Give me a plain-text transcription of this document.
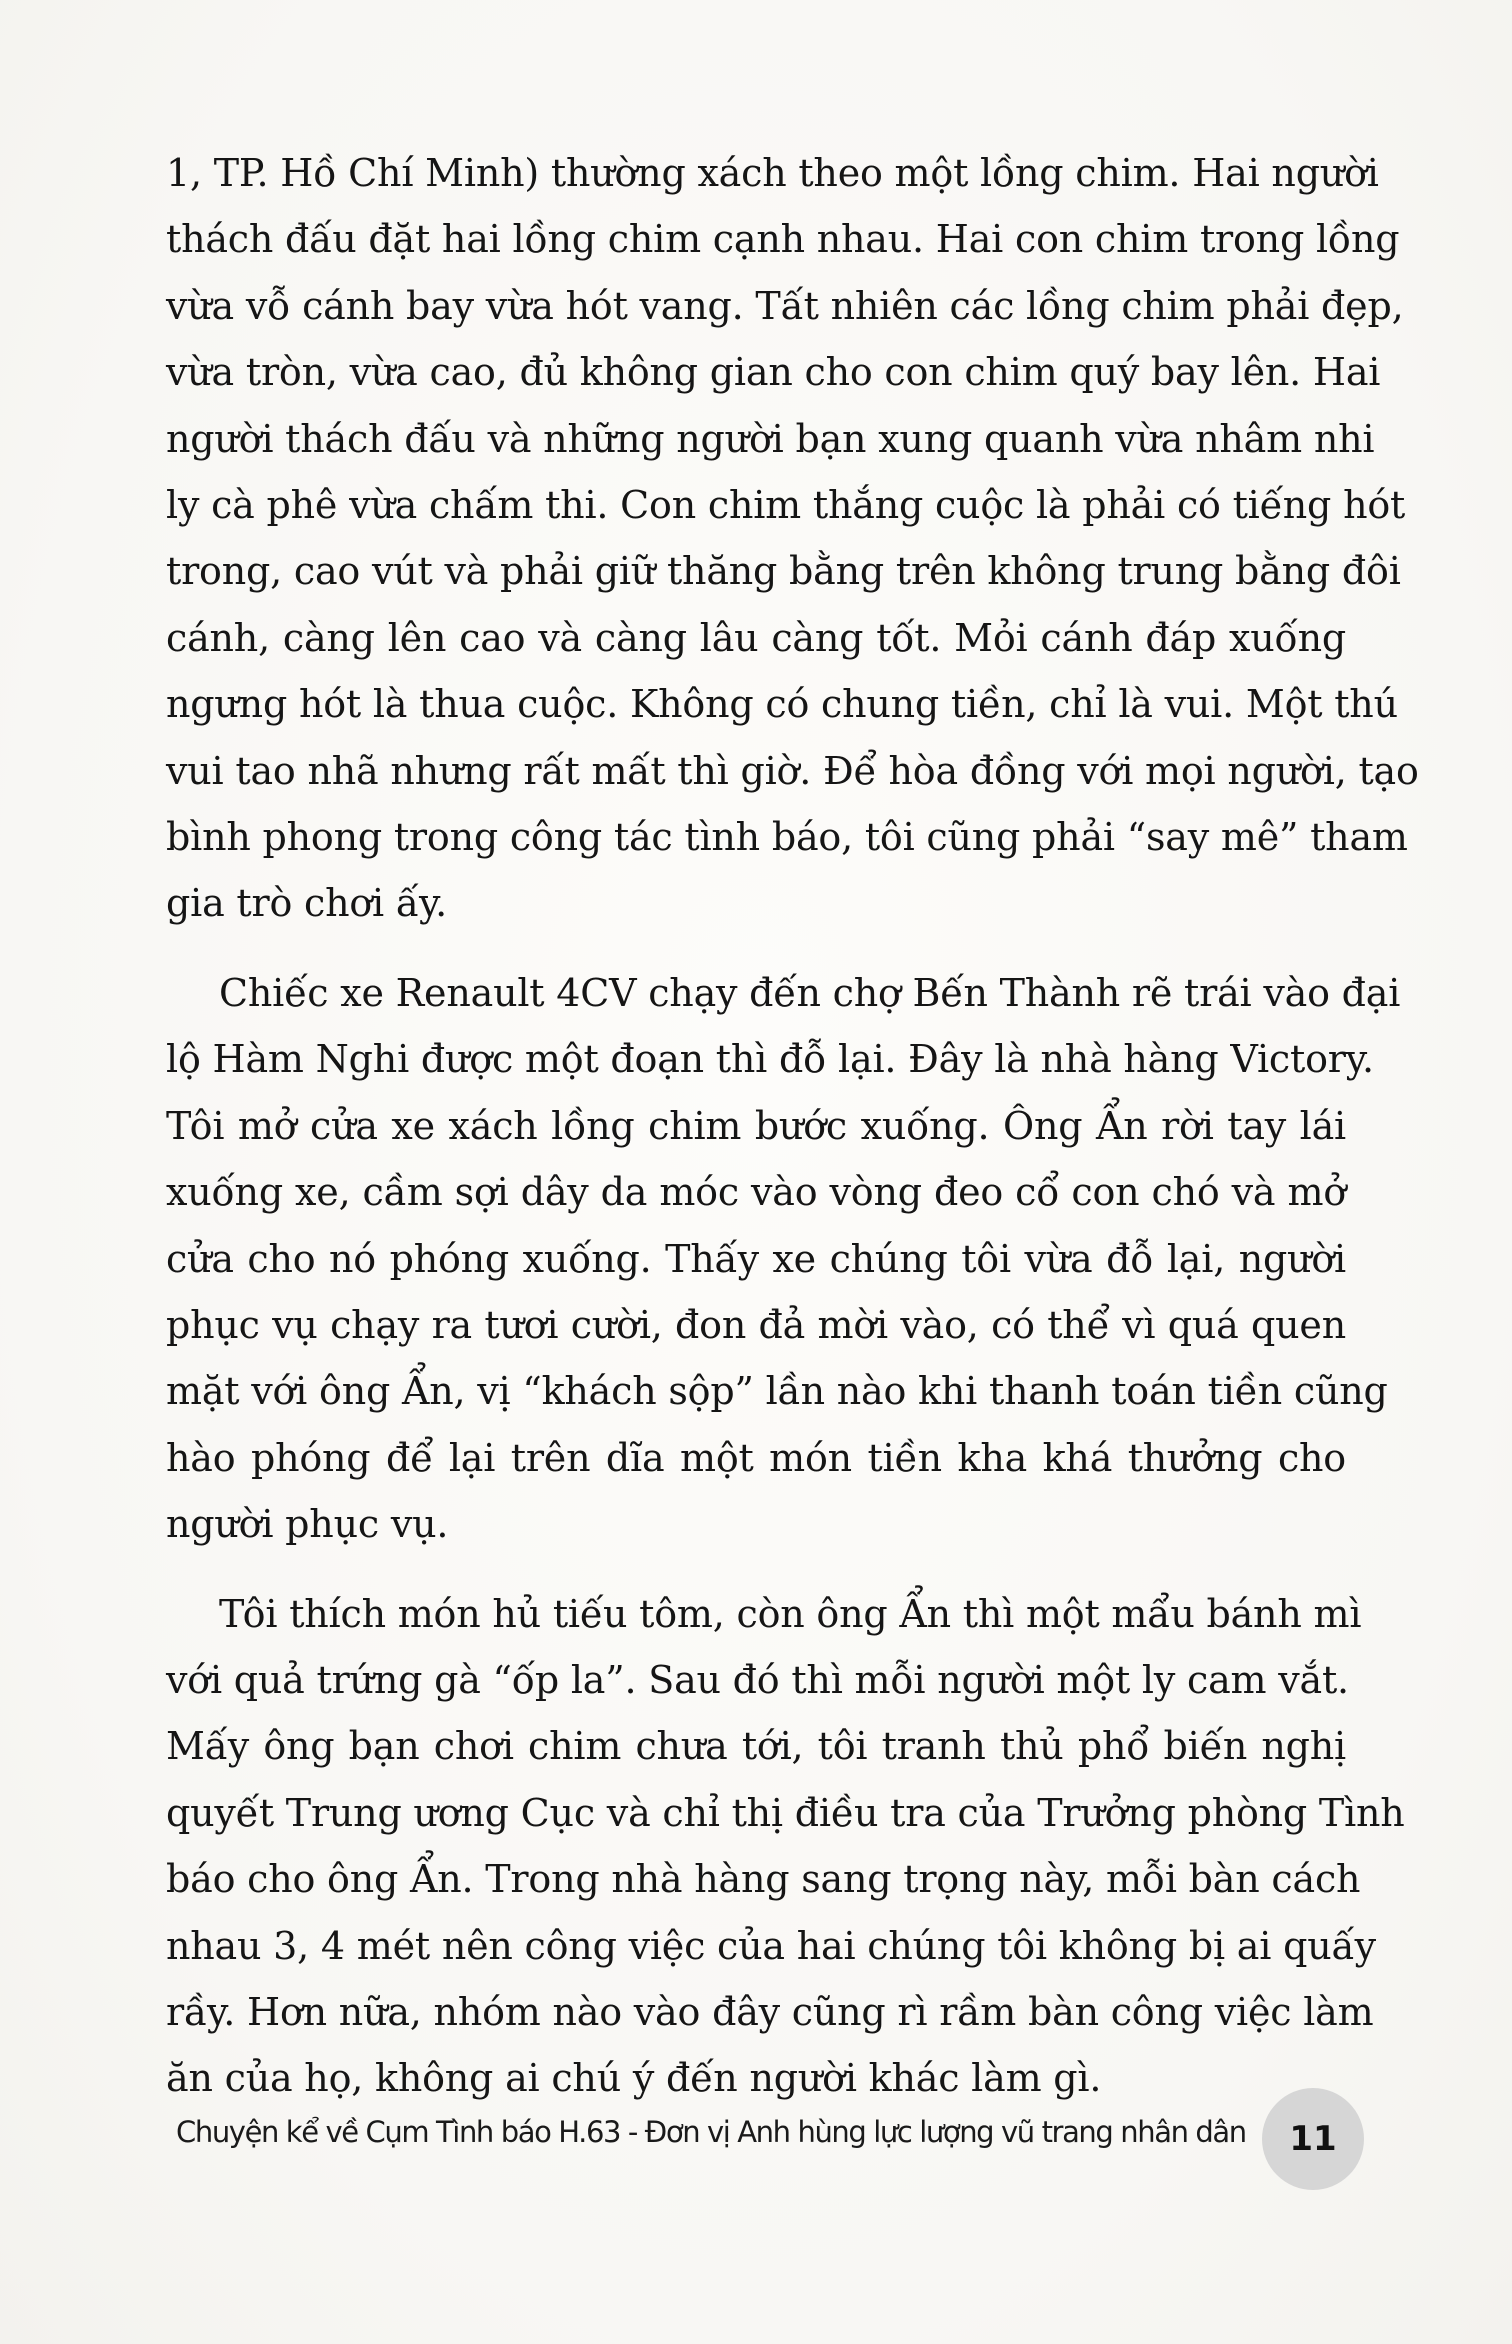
1, TP. Hồ Chí Minh) thường xách theo một lồng chim. Hai người
thách đấu đặt hai lồng chim cạnh nhau. Hai con chim trong lồng
vừa vỗ cánh bay vừa hót vang. Tất nhiên các lồng chim phải đẹp,
vừa tròn, vừa cao, đủ không gian cho con chim quý bay lên. Hai
người thách đấu và những người bạn xung quanh vừa nhâm nhi
ly cà phê vừa chấm thi. Con chim thắng cuộc là phải có tiếng hót
trong, cao vút và phải giữ thăng bằng trên không trung bằng đôi
cánh, càng lên cao và càng lâu càng tốt. Mỏi cánh đáp xuống
ngưng hót là thua cuộc. Không có chung tiền, chỉ là vui. Một thú
vui tao nhã nhưng rất mất thì giờ. Để hòa đồng với mọi người, tạo
bình phong trong công tác tình báo, tôi cũng phải “say mê” tham
gia trò chơi ấy.

Chiếc xe Renault 4CV chạy đến chợ Bến Thành rẽ trái vào đại
lộ Hàm Nghi được một đoạn thì đỗ lại. Đây là nhà hàng Victory.
Tôi mở cửa xe xách lồng chim bước xuống. Ông Ẩn rời tay lái
xuống xe, cầm sợi dây da móc vào vòng đeo cổ con chó và mở
cửa cho nó phóng xuống. Thấy xe chúng tôi vừa đỗ lại, người
phục vụ chạy ra tươi cười, đon đả mời vào, có thể vì quá quen
mặt với ông Ẩn, vị “khách sộp” lần nào khi thanh toán tiền cũng
hào phóng để lại trên dĩa một món tiền kha khá thưởng cho
người phục vụ.

Tôi thích món hủ tiếu tôm, còn ông Ẩn thì một mẩu bánh mì
với quả trứng gà “ốp la”. Sau đó thì mỗi người một ly cam vắt.
Mấy ông bạn chơi chim chưa tới, tôi tranh thủ phổ biến nghị
quyết Trung ương Cục và chỉ thị điều tra của Trưởng phòng Tình
báo cho ông Ẩn. Trong nhà hàng sang trọng này, mỗi bàn cách
nhau 3, 4 mét nên công việc của hai chúng tôi không bị ai quấy
rầy. Hơn nữa, nhóm nào vào đây cũng rì rầm bàn công việc làm
ăn của họ, không ai chú ý đến người khác làm gì.

Chuyện kể về Cụm Tình báo H.63 - Đơn vị Anh hùng lực lượng vũ trang nhân dân	11
